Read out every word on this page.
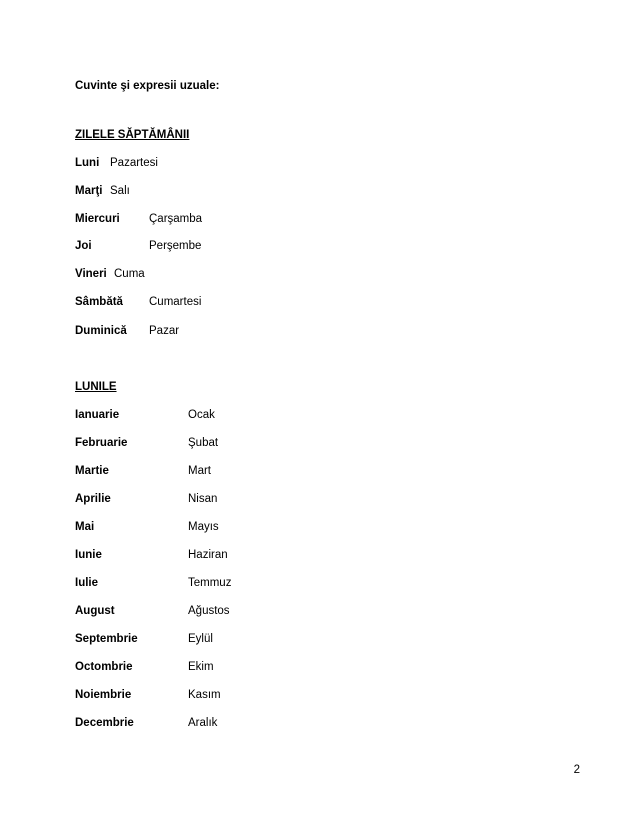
Cuvinte şi expresii uzuale:
ZILELE SĂPTĂMÂNII
Luni Pazartesi
Marţi Salı
Miercuri	Çarşamba
Joi	Perşembe
Vineri Cuma
Sâmbătă Cumartesi
Duminică Pazar
LUNILE
Ianuarie	Ocak
Februarie	Şubat
Martie	Mart
Aprilie	Nisan
Mai	Mayıs
Iunie	Haziran
Iulie	Temmuz
August	Ağustos
Septembrie	Eylül
Octombrie	Ekim
Noiembrie	Kasım
Decembrie	Aralık
2
